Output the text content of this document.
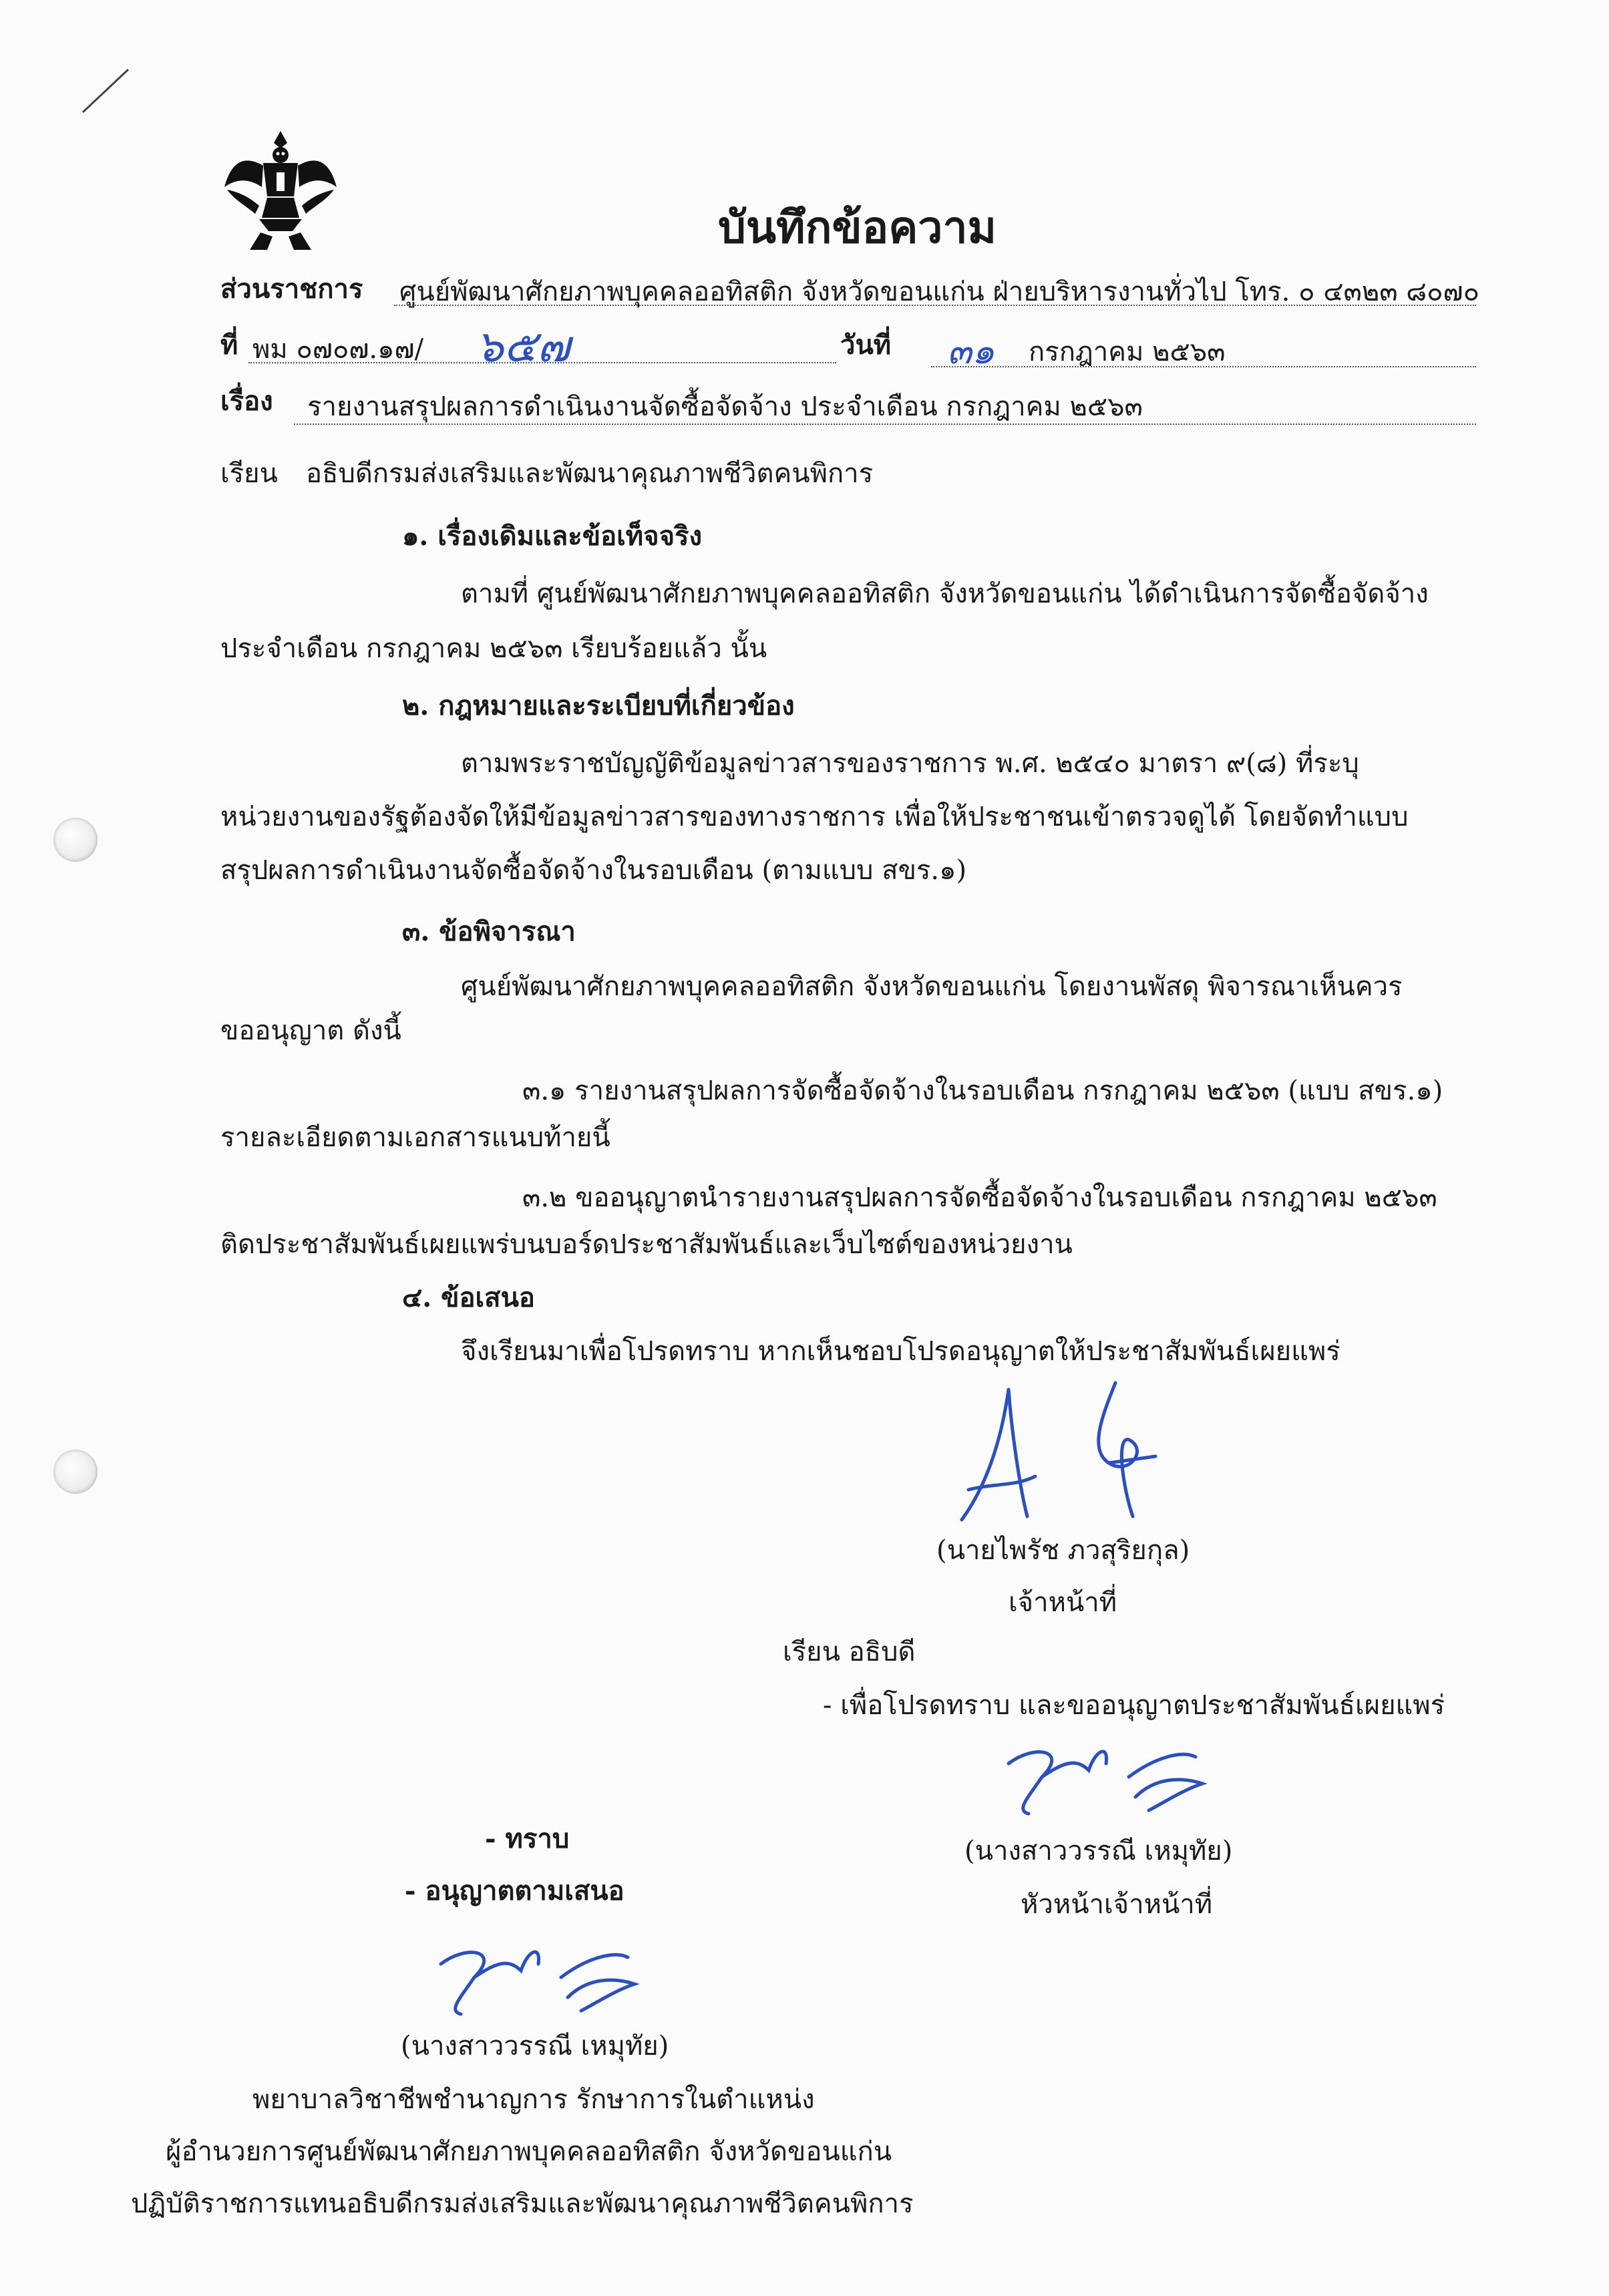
บันทึกข้อความ
ส่วนราชการ ศูนย์พัฒนาศักยภาพบุคคลออทิสติก จังหวัดขอนแก่น ฝ่ายบริหารงานทั่วไป โทร. ๐ ๔๓๒๓ ๘๐๗๐
ที่ พม ๐๗๐๗.๑๗/ ๖๕๗	วันที่ ๓๑ กรกฎาคม ๒๕๖๓
เรื่อง รายงานสรุปผลการดำเนินงานจัดซื้อจัดจ้าง ประจำเดือน กรกฎาคม ๒๕๖๓
เรียน อธิบดีกรมส่งเสริมและพัฒนาคุณภาพชีวิตคนพิการ
๑. เรื่องเดิมและข้อเท็จจริง
ตามที่ ศูนย์พัฒนาศักยภาพบุคคลออทิสติก จังหวัดขอนแก่น ได้ดำเนินการจัดซื้อจัดจ้าง
ประจำเดือน กรกฎาคม ๒๕๖๓ เรียบร้อยแล้ว นั้น
๒. กฎหมายและระเบียบที่เกี่ยวข้อง
ตามพระราชบัญญัติข้อมูลข่าวสารของราชการ พ.ศ. ๒๕๔๐ มาตรา ๙(๘) ที่ระบุ
หน่วยงานของรัฐต้องจัดให้มีข้อมูลข่าวสารของทางราชการ เพื่อให้ประชาชนเข้าตรวจดูได้ โดยจัดทำแบบ
สรุปผลการดำเนินงานจัดซื้อจัดจ้างในรอบเดือน (ตามแบบ สขร.๑)
๓. ข้อพิจารณา
ศูนย์พัฒนาศักยภาพบุคคลออทิสติก จังหวัดขอนแก่น โดยงานพัสดุ พิจารณาเห็นควร
ขออนุญาต ดังนี้
๓.๑ รายงานสรุปผลการจัดซื้อจัดจ้างในรอบเดือน กรกฎาคม ๒๕๖๓ (แบบ สขร.๑)
รายละเอียดตามเอกสารแนบท้ายนี้
๓.๒ ขออนุญาตนำรายงานสรุปผลการจัดซื้อจัดจ้างในรอบเดือน กรกฎาคม ๒๕๖๓
ติดประชาสัมพันธ์เผยแพร่บนบอร์ดประชาสัมพันธ์และเว็บไซต์ของหน่วยงาน
๔. ข้อเสนอ
จึงเรียนมาเพื่อโปรดทราบ หากเห็นชอบโปรดอนุญาตให้ประชาสัมพันธ์เผยแพร่
(นายไพรัช ภวสุริยกุล)
เจ้าหน้าที่
เรียน อธิบดี
- เพื่อโปรดทราบ และขออนุญาตประชาสัมพันธ์เผยแพร่
(นางสาววรรณี เหมุทัย)
หัวหน้าเจ้าหน้าที่
- ทราบ
- อนุญาตตามเสนอ
(นางสาววรรณี เหมุทัย)
พยาบาลวิชาชีพชำนาญการ รักษาการในตำแหน่ง
ผู้อำนวยการศูนย์พัฒนาศักยภาพบุคคลออทิสติก จังหวัดขอนแก่น
ปฏิบัติราชการแทนอธิบดีกรมส่งเสริมและพัฒนาคุณภาพชีวิตคนพิการ
